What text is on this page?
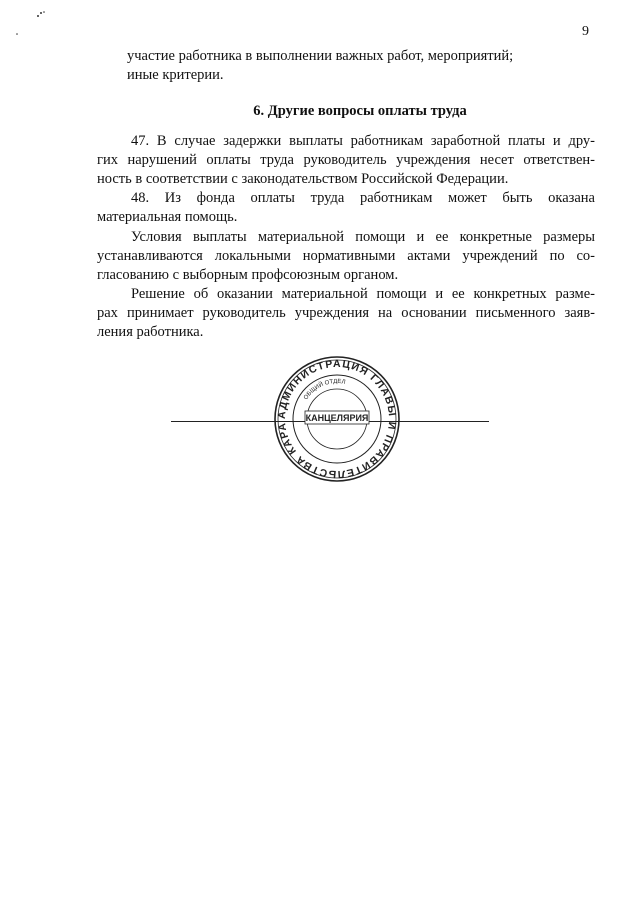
9
участие работника в выполнении важных работ, мероприятий;
иные критерии.
6. Другие вопросы оплаты труда
47. В случае задержки выплаты работникам заработной платы и дру-
гих нарушений оплаты труда руководитель учреждения несет ответствен-
ность в соответствии с законодательством Российской Федерации.
48. Из фонда оплаты труда работникам может быть оказана
материальная помощь.
Условия выплаты материальной помощи и ее конкретные размеры
устанавливаются локальными нормативными актами учреждений по со-
гласованию с выборным профсоюзным органом.
Решение об оказании материальной помощи и ее конкретных разме-
рах принимает руководитель учреждения на основании письменного заяв-
ления работника.
АДМИНИСТРАЦИЯ ГЛАВЫ И ПРАВИТЕЛЬСТВА КАРА
ОБЩИЙ ОТДЕЛ
КАНЦЕЛЯРИЯ
